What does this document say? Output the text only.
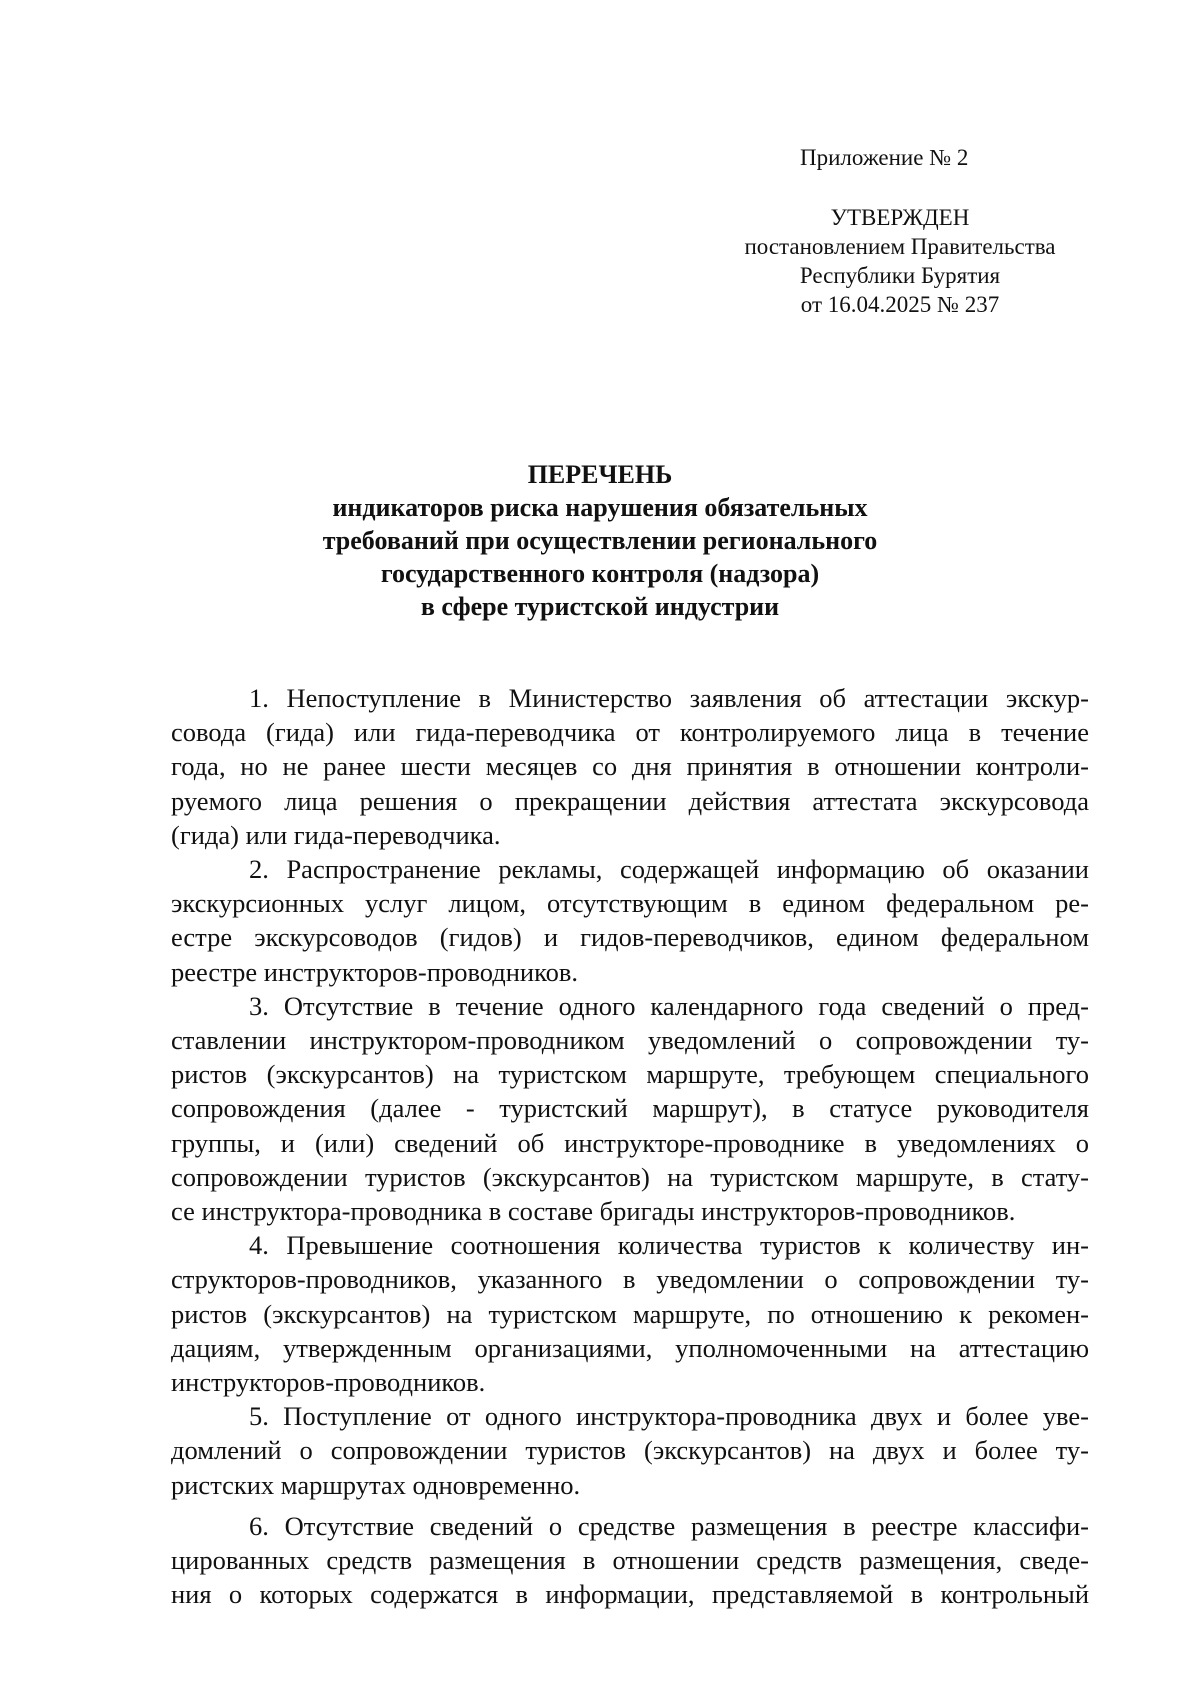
Приложение № 2
УТВЕРЖДЕН
постановлением Правительства
Республики Бурятия
от 16.04.2025 № 237
ПЕРЕЧЕНЬ
индикаторов риска нарушения обязательных
требований при осуществлении регионального
государственного контроля (надзора)
в сфере туристской индустрии
1. Непоступление в Министерство заявления об аттестации экскур-
совода (гида) или гида-переводчика от контролируемого лица в течение
года, но не ранее шести месяцев со дня принятия в отношении контроли-
руемого лица решения о прекращении действия аттестата экскурсовода
(гида) или гида-переводчика.
2. Распространение рекламы, содержащей информацию об оказании
экскурсионных услуг лицом, отсутствующим в едином федеральном ре-
естре экскурсоводов (гидов) и гидов-переводчиков, едином федеральном
реестре инструкторов-проводников.
3. Отсутствие в течение одного календарного года сведений о пред-
ставлении инструктором-проводником уведомлений о сопровождении ту-
ристов (экскурсантов) на туристском маршруте, требующем специального
сопровождения (далее - туристский маршрут), в статусе руководителя
группы, и (или) сведений об инструкторе-проводнике в уведомлениях о
сопровождении туристов (экскурсантов) на туристском маршруте, в стату-
се инструктора-проводника в составе бригады инструкторов-проводников.
4. Превышение соотношения количества туристов к количеству ин-
структоров-проводников, указанного в уведомлении о сопровождении ту-
ристов (экскурсантов) на туристском маршруте, по отношению к рекомен-
дациям, утвержденным организациями, уполномоченными на аттестацию
инструкторов-проводников.
5. Поступление от одного инструктора-проводника двух и более уве-
домлений о сопровождении туристов (экскурсантов) на двух и более ту-
ристских маршрутах одновременно.
6. Отсутствие сведений о средстве размещения в реестре классифи-
цированных средств размещения в отношении средств размещения, сведе-
ния о которых содержатся в информации, представляемой в контрольный
